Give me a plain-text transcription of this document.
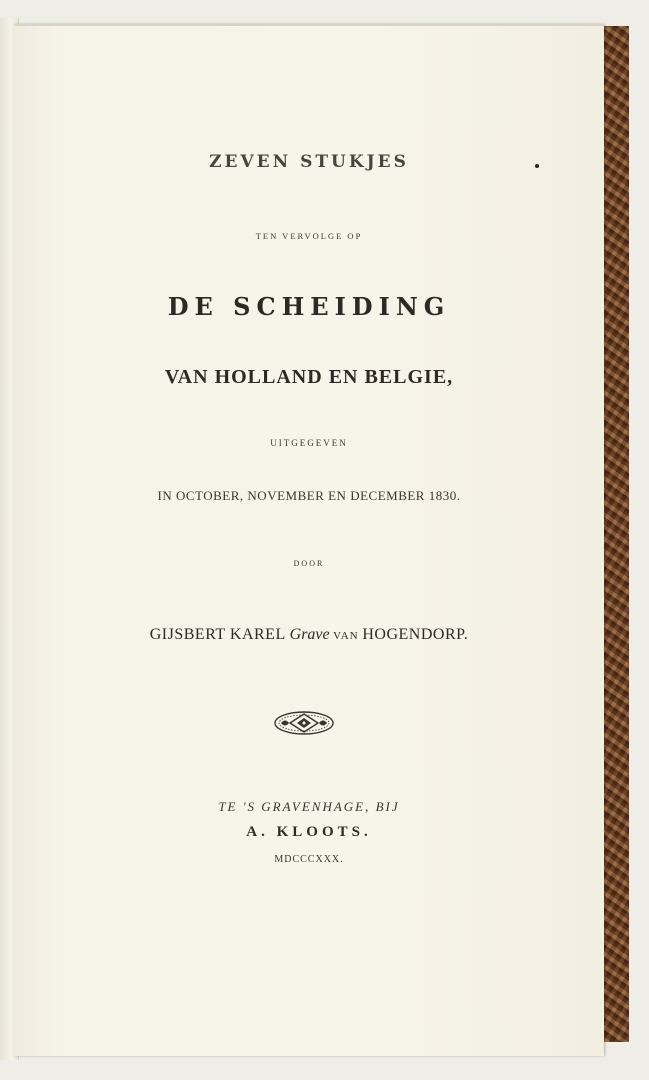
ZEVEN STUKJES
TEN VERVOLGE OP
DE SCHEIDING
VAN HOLLAND EN BELGIE,
UITGEGEVEN
IN OCTOBER, NOVEMBER EN DECEMBER 1830.
DOOR
GIJSBERT KAREL Grave VAN HOGENDORP.
TE 'S GRAVENHAGE, BIJ
A. KLOOTS.
MDCCCXXX.
